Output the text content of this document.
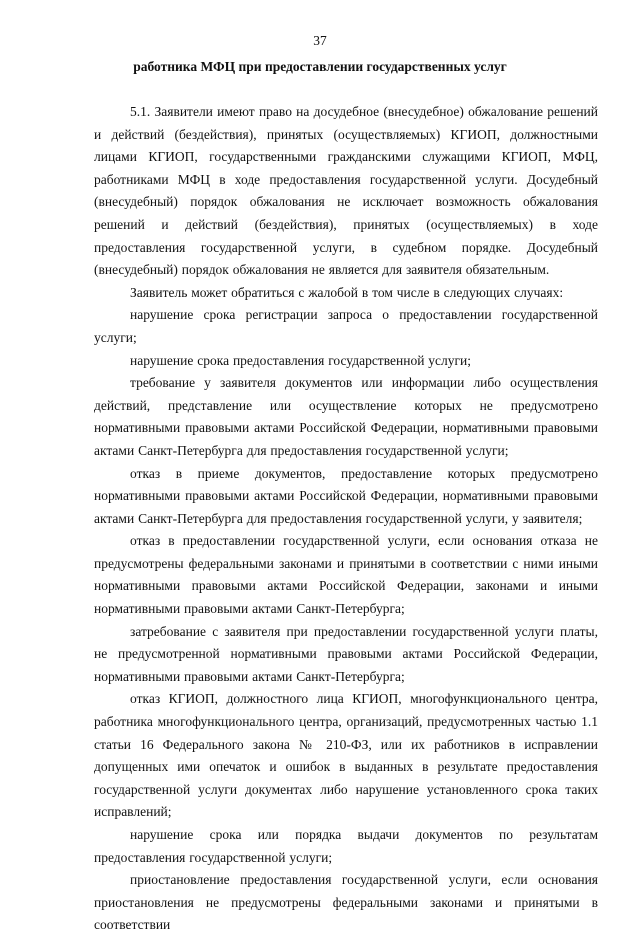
37
работника МФЦ при предоставлении государственных услуг

5.1. Заявители имеют право на досудебное (внесудебное) обжалование решений и действий (бездействия), принятых (осуществляемых) КГИОП, должностными лицами КГИОП, государственными гражданскими служащими КГИОП, МФЦ, работниками МФЦ в ходе предоставления государственной услуги. Досудебный (внесудебный) порядок обжалования не исключает возможность обжалования решений и действий (бездействия), принятых (осуществляемых) в ходе предоставления государственной услуги, в судебном порядке. Досудебный (внесудебный) порядок обжалования не является для заявителя обязательным.

Заявитель может обратиться с жалобой в том числе в следующих случаях:

нарушение срока регистрации запроса о предоставлении государственной услуги;

нарушение срока предоставления государственной услуги;

требование у заявителя документов или информации либо осуществления действий, представление или осуществление которых не предусмотрено нормативными правовыми актами Российской Федерации, нормативными правовыми актами Санкт-Петербурга для предоставления государственной услуги;

отказ в приеме документов, предоставление которых предусмотрено нормативными правовыми актами Российской Федерации, нормативными правовыми актами Санкт-Петербурга для предоставления государственной услуги, у заявителя;

отказ в предоставлении государственной услуги, если основания отказа не предусмотрены федеральными законами и принятыми в соответствии с ними иными нормативными правовыми актами Российской Федерации, законами и иными нормативными правовыми актами Санкт-Петербурга;

затребование с заявителя при предоставлении государственной услуги платы, не предусмотренной нормативными правовыми актами Российской Федерации, нормативными правовыми актами Санкт-Петербурга;

отказ КГИОП, должностного лица КГИОП, многофункционального центра, работника многофункционального центра, организаций, предусмотренных частью 1.1 статьи 16 Федерального закона № 210-ФЗ, или их работников в исправлении допущенных ими опечаток и ошибок в выданных в результате предоставления государственной услуги документах либо нарушение установленного срока таких исправлений;

нарушение срока или порядка выдачи документов по результатам предоставления государственной услуги;

приостановление предоставления государственной услуги, если основания приостановления не предусмотрены федеральными законами и принятыми в соответствии
